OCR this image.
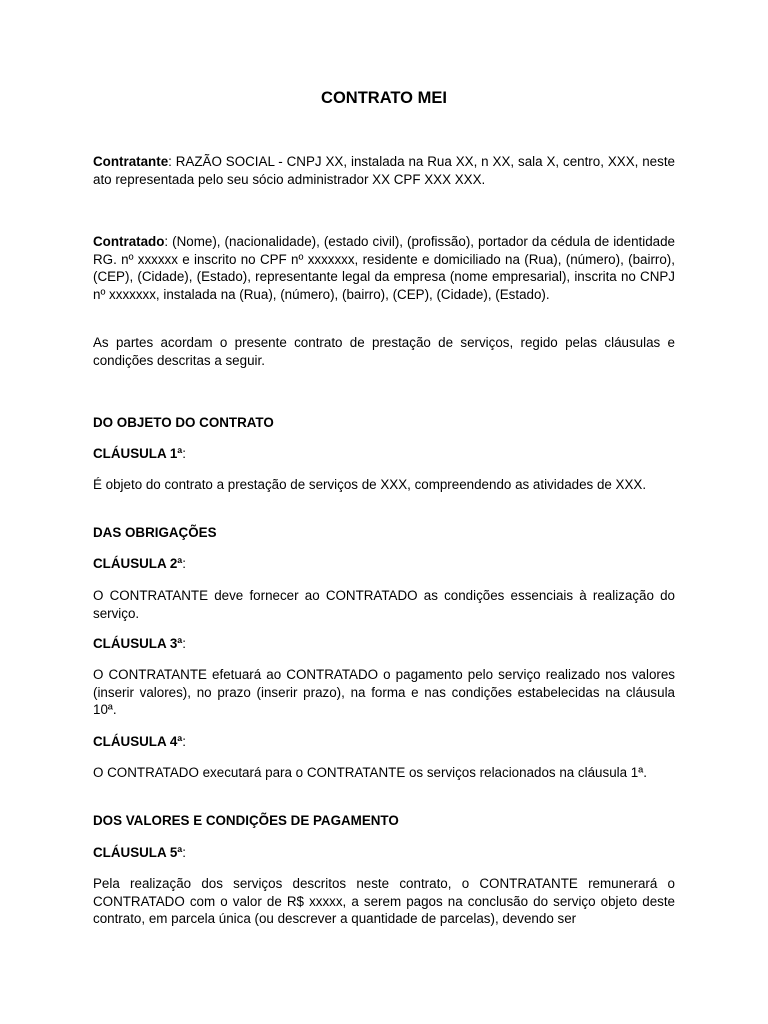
CONTRATO MEI

Contratante: RAZÃO SOCIAL - CNPJ XX, instalada na Rua XX, n XX, sala X, centro, XXX, neste ato representada pelo seu sócio administrador XX CPF XXX XXX.

Contratado: (Nome), (nacionalidade), (estado civil), (profissão), portador da cédula de identidade RG. nº xxxxxx e inscrito no CPF nº xxxxxxx, residente e domiciliado na (Rua), (número), (bairro), (CEP), (Cidade), (Estado), representante legal da empresa (nome empresarial), inscrita no CNPJ nº xxxxxxx, instalada na (Rua), (número), (bairro), (CEP), (Cidade), (Estado).

As partes acordam o presente contrato de prestação de serviços, regido pelas cláusulas e condições descritas a seguir.

DO OBJETO DO CONTRATO

CLÁUSULA 1ª:

É objeto do contrato a prestação de serviços de XXX, compreendendo as atividades de XXX.

DAS OBRIGAÇÕES

CLÁUSULA 2ª:

O CONTRATANTE deve fornecer ao CONTRATADO as condições essenciais à realização do serviço.

CLÁUSULA 3ª:

O CONTRATANTE efetuará ao CONTRATADO o pagamento pelo serviço realizado nos valores (inserir valores), no prazo (inserir prazo), na forma e nas condições estabelecidas na cláusula 10ª.

CLÁUSULA 4ª:

O CONTRATADO executará para o CONTRATANTE os serviços relacionados na cláusula 1ª.

DOS VALORES E CONDIÇÕES DE PAGAMENTO

CLÁUSULA 5ª:

Pela realização dos serviços descritos neste contrato, o CONTRATANTE remunerará o CONTRATADO com o valor de R$ xxxxx, a serem pagos na conclusão do serviço objeto deste contrato, em parcela única (ou descrever a quantidade de parcelas), devendo ser
